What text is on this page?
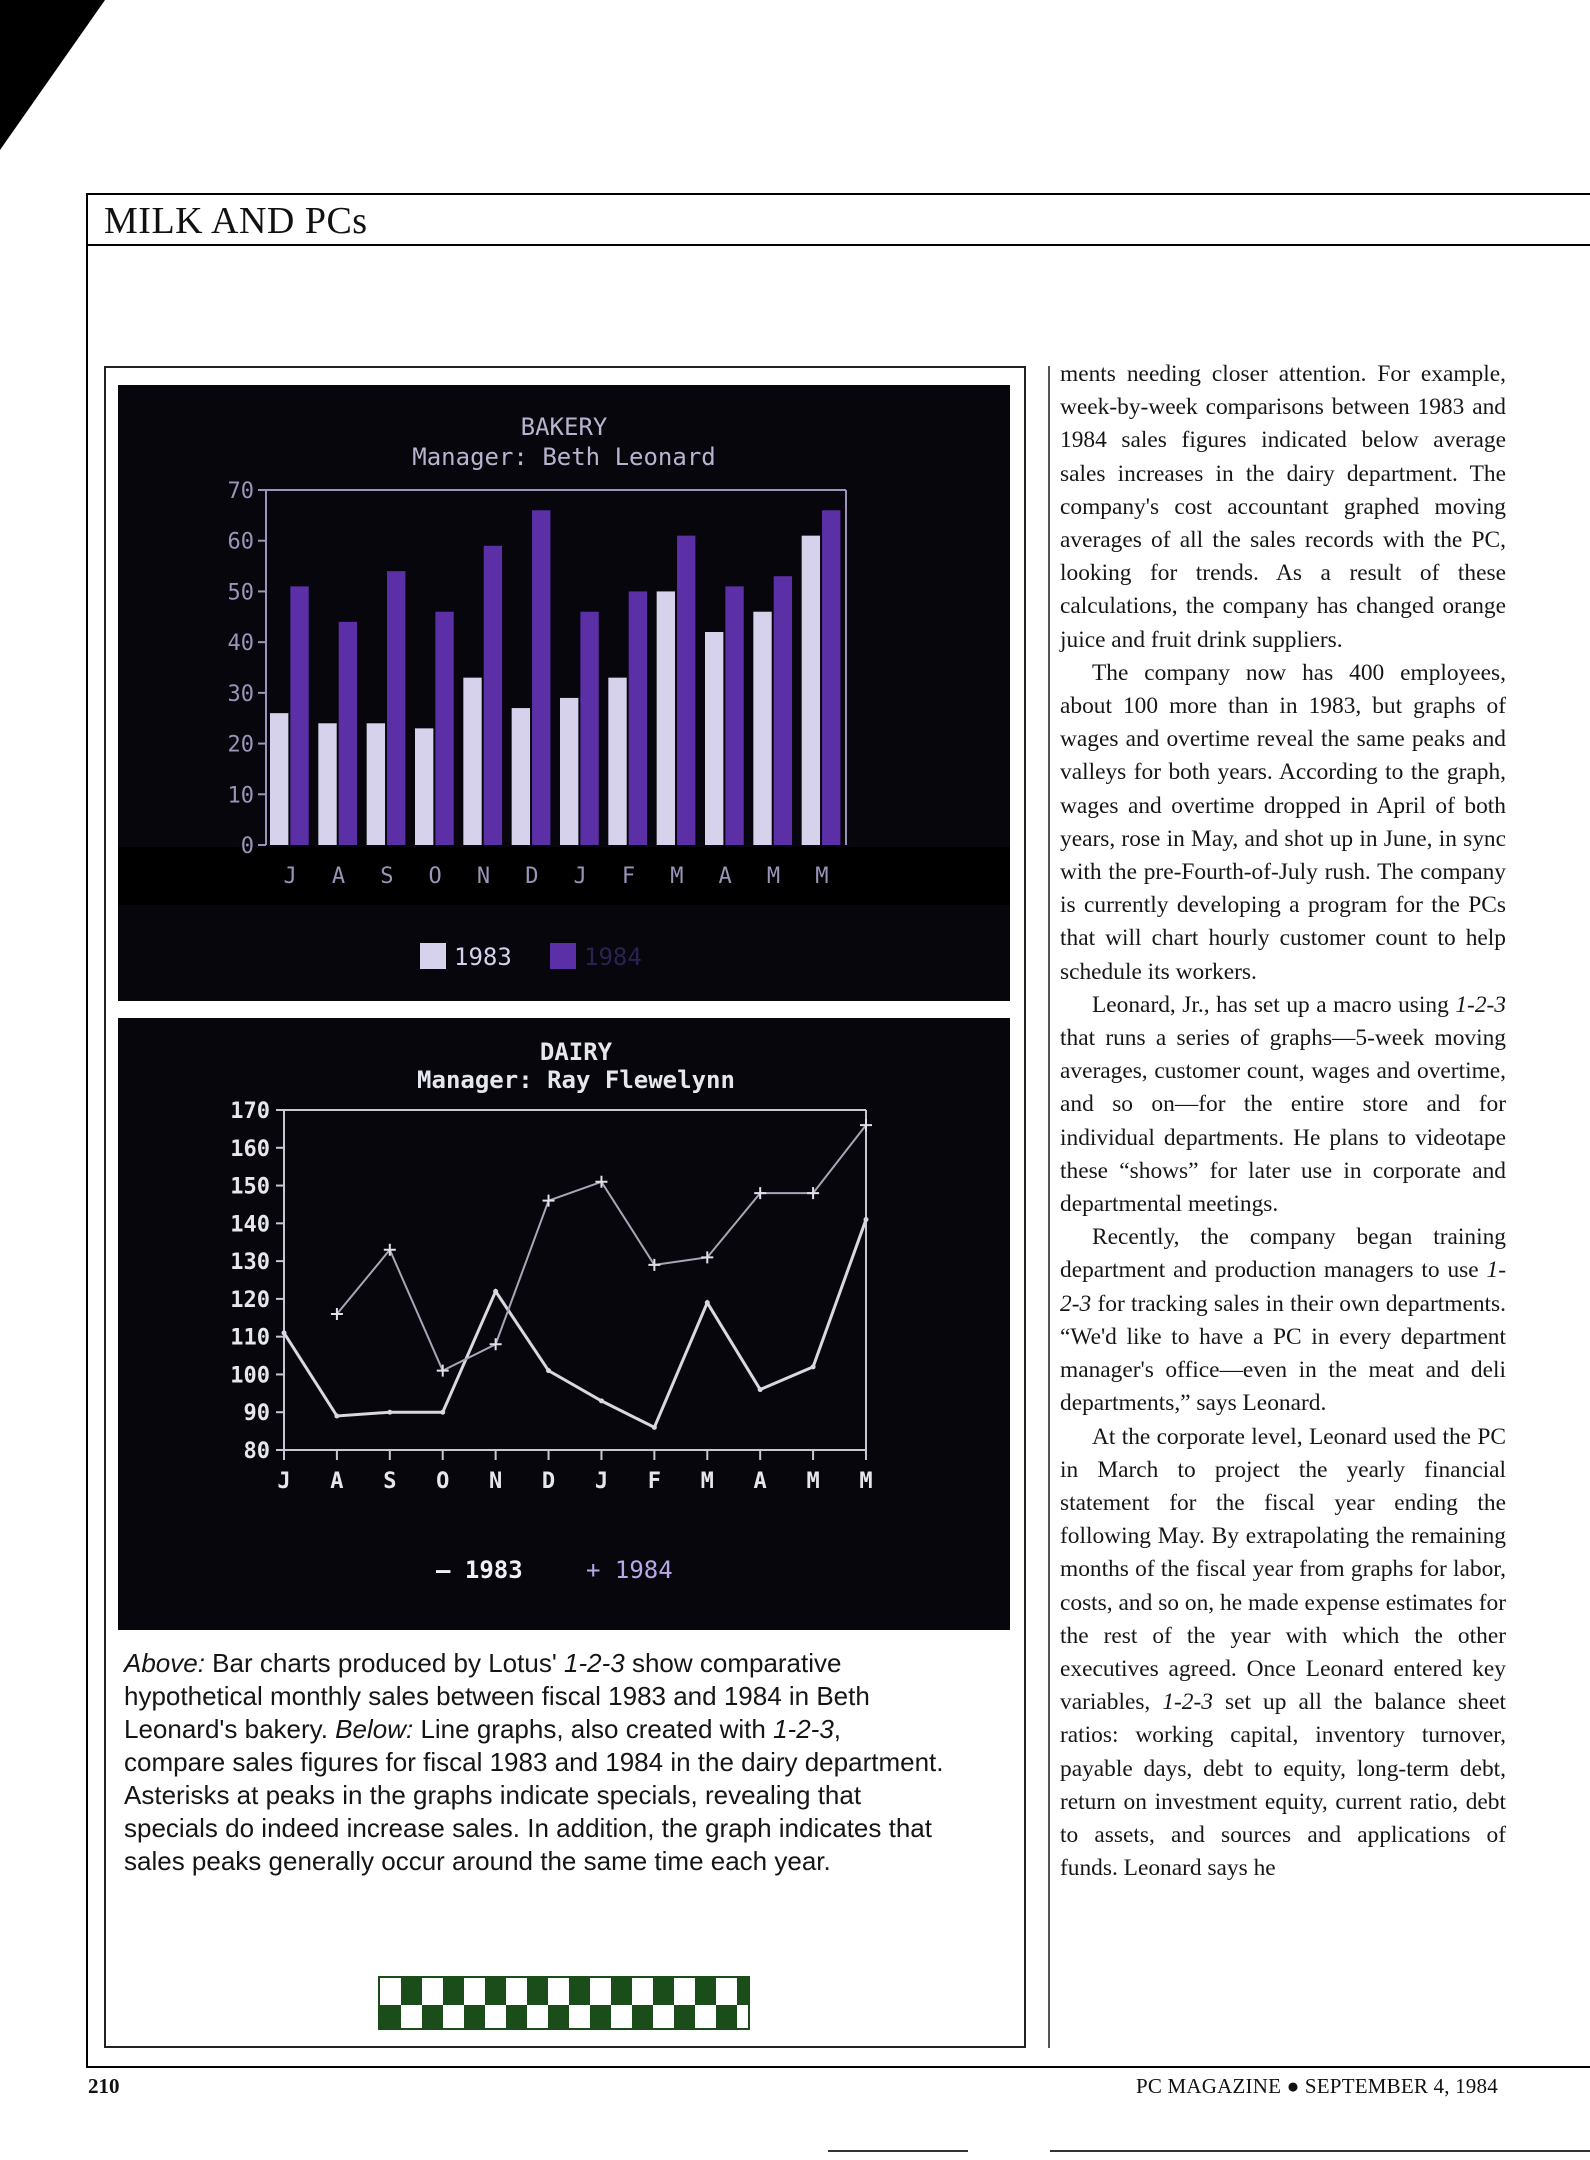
MILK AND PCs
BAKERY
Manager: Beth Leonard
70
60
50
40
30
20
10
0
J A S O N D J F M A M M
1983	1984
DAIRY
Manager: Ray Flewelynn
170
160
150
140
130
120
110
100
90
80
J A S O N D J F M A M M
— 1983	+ 1984
Above: Bar charts produced by Lotus' 1-2-3 show comparative hypothetical monthly sales between fiscal 1983 and 1984 in Beth Leonard's bakery. Below: Line graphs, also created with 1-2-3, compare sales figures for fiscal 1983 and 1984 in the dairy department. Asterisks at peaks in the graphs indicate specials, revealing that specials do indeed increase sales. In addition, the graph indicates that sales peaks generally occur around the same time each year.

ments needing closer attention. For example, week-by-week comparisons between 1983 and 1984 sales figures indicated below average sales increases in the dairy department. The company's cost accountant graphed moving averages of all the sales records with the PC, looking for trends. As a result of these calculations, the company has changed orange juice and fruit drink suppliers.

The company now has 400 employees, about 100 more than in 1983, but graphs of wages and overtime reveal the same peaks and valleys for both years. According to the graph, wages and overtime dropped in April of both years, rose in May, and shot up in June, in sync with the pre-Fourth-of-July rush. The company is currently developing a program for the PCs that will chart hourly customer count to help schedule its workers.

Leonard, Jr., has set up a macro using 1-2-3 that runs a series of graphs—5-week moving averages, customer count, wages and overtime, and so on—for the entire store and for individual departments. He plans to videotape these “shows” for later use in corporate and departmental meetings.

Recently, the company began training department and production managers to use 1-2-3 for tracking sales in their own departments. “We'd like to have a PC in every department manager's office—even in the meat and deli departments,” says Leonard.

At the corporate level, Leonard used the PC in March to project the yearly financial statement for the fiscal year ending the following May. By extrapolating the remaining months of the fiscal year from graphs for labor, costs, and so on, he made expense estimates for the rest of the year with which the other executives agreed. Once Leonard entered key variables, 1-2-3 set up all the balance sheet ratios: working capital, inventory turnover, payable days, debt to equity, long-term debt, return on investment equity, current ratio, debt to assets, and sources and applications of funds. Leonard says he

210	PC MAGAZINE ● SEPTEMBER 4, 1984
